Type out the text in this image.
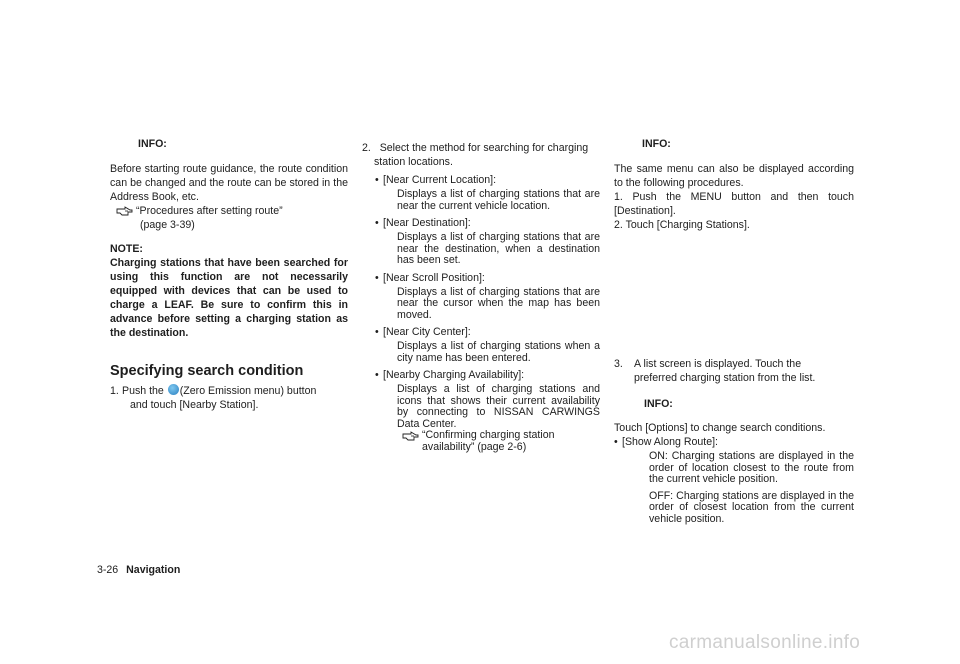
INFO:

Before starting route guidance, the route condition can be changed and the route can be stored in the Address Book, etc.

“Procedures after setting route”
(page 3-39)
NOTE:

Charging stations that have been searched for using this function are not necessarily equipped with devices that can be used to charge a LEAF. Be sure to confirm this in advance before setting a charging station as the destination.

Specifying search condition
1. Push the (Zero Emission menu) button
and touch [Nearby Station].
2. Select the method for searching for charging station locations.
• [Near Current Location]:

Displays a list of charging stations that are near the current vehicle location.

• [Near Destination]:

Displays a list of charging stations that are near the destination, when a destination has been set.

• [Near Scroll Position]:

Displays a list of charging stations that are near the cursor when the map has been moved.

• [Near City Center]:

Displays a list of charging stations when a city name has been entered.

• [Nearby Charging Availability]:

Displays a list of charging stations and icons that shows their current availability by connecting to NISSAN CARWINGS Data Center.

“Confirming charging station availability” (page 2-6)
INFO:

The same menu can also be displayed according to the following procedures.

1. Push the MENU button and then touch [Destination].

2. Touch [Charging Stations].

3. A list screen is displayed. Touch the

preferred charging station from the list.

INFO:

Touch [Options] to change search conditions.

• [Show Along Route]:

ON: Charging stations are displayed in the order of location closest to the route from the current vehicle position.

OFF: Charging stations are displayed in the order of closest location from the current vehicle position.

3-26 Navigation
carmanualsonline.info
